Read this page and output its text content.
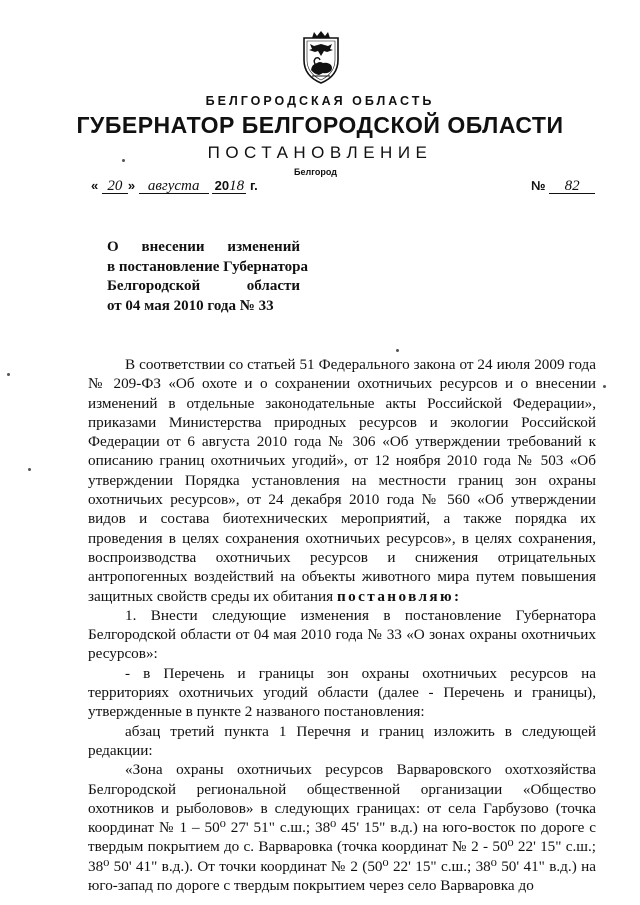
БЕЛГОРОДСКАЯ ОБЛАСТЬ
ГУБЕРНАТОР БЕЛГОРОДСКОЙ ОБЛАСТИ
ПОСТАНОВЛЕНИЕ
Белгород
« 20 » августа 2018 г.	№ 82
О внесении изменений
в постановление Губернатора
Белгородской области
от 04 мая 2010 года № 33

В соответствии со статьей 51 Федерального закона от 24 июля 2009 года № 209-ФЗ «Об охоте и о сохранении охотничьих ресурсов и о внесении изменений в отдельные законодательные акты Российской Федерации», приказами Министерства природных ресурсов и экологии Российской Федерации от 6 августа 2010 года № 306 «Об утверждении требований к описанию границ охотничьих угодий», от 12 ноября 2010 года № 503 «Об утверждении Порядка установления на местности границ зон охраны охотничьих ресурсов», от 24 декабря 2010 года № 560 «Об утверждении видов и состава биотехнических мероприятий, а также порядка их проведения в целях сохранения охотничьих ресурсов», в целях сохранения, воспроизводства охотничьих ресурсов и снижения отрицательных антропогенных воздействий на объекты животного мира путем повышения защитных свойств среды их обитания постановляю:

1. Внести следующие изменения в постановление Губернатора Белгородской области от 04 мая 2010 года № 33 «О зонах охраны охотничьих ресурсов»:

- в Перечень и границы зон охраны охотничьих ресурсов на территориях охотничьих угодий области (далее - Перечень и границы), утвержденные в пункте 2 названого постановления:

абзац третий пункта 1 Перечня и границ изложить в следующей редакции:

«Зона охраны охотничьих ресурсов Варваровского охотхозяйства Белгородской региональной общественной организации «Общество охотников и рыболовов» в следующих границах: от села Гарбузово (точка координат № 1 – 50⁰ 27' 51" с.ш.; 38⁰ 45' 15" в.д.) на юго-восток по дороге с твердым покрытием до с. Варваровка (точка координат № 2 - 50⁰ 22' 15" с.ш.; 38⁰ 50' 41" в.д.). От точки координат № 2 (50⁰ 22' 15" с.ш.; 38⁰ 50' 41" в.д.) на юго-запад по дороге с твердым покрытием через село Варваровка до
